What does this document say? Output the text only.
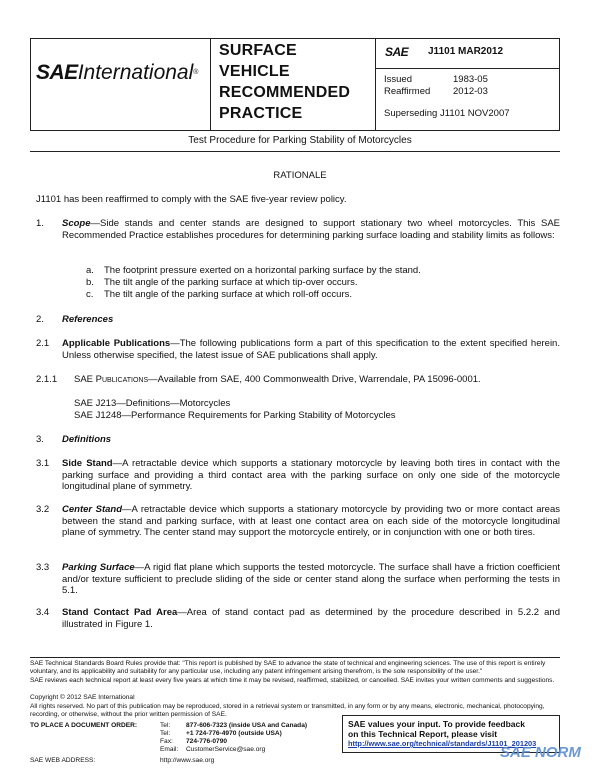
SAEInternational®
SURFACE
VEHICLE
RECOMMENDED
PRACTICE
SAE J1101 MAR2012
Issued	1983-05
Reaffirmed 2012-03
Superseding J1101 NOV2007
Test Procedure for Parking Stability of Motorcycles
RATIONALE
J1101 has been reaffirmed to comply with the SAE five-year review policy.
1. Scope—Side stands and center stands are designed to support stationary two wheel motorcycles. This SAE Recommended Practice establishes procedures for determining parking surface loading and stability limits as follows:
a. The footprint pressure exerted on a horizontal parking surface by the stand.
b. The tilt angle of the parking surface at which tip-over occurs.
c. The tilt angle of the parking surface at which roll-off occurs.
2. References
2.1 Applicable Publications—The following publications form a part of this specification to the extent specified herein. Unless otherwise specified, the latest issue of SAE publications shall apply.
2.1.1 SAE Publications—Available from SAE, 400 Commonwealth Drive, Warrendale, PA 15096-0001.
SAE J213—Definitions—Motorcycles
SAE J1248—Performance Requirements for Parking Stability of Motorcycles
3. Definitions
3.1 Side Stand—A retractable device which supports a stationary motorcycle by leaving both tires in contact with the parking surface and providing a third contact area with the parking surface on only one side of the motorcycle longitudinal plane of symmetry.
3.2 Center Stand—A retractable device which supports a stationary motorcycle by providing two or more contact areas between the stand and parking surface, with at least one contact area on each side of the motorcycle longitudinal plane of symmetry. The center stand may support the motorcycle entirely, or in conjunction with one or both tires.
3.3 Parking Surface—A rigid flat plane which supports the tested motorcycle. The surface shall have a friction coefficient and/or texture sufficient to preclude sliding of the side or center stand along the surface when performing the tests in 5.1.
3.4 Stand Contact Pad Area—Area of stand contact pad as determined by the procedure described in 5.2.2 and illustrated in Figure 1.
SAE Technical Standards Board Rules provide that: "This report is published by SAE to advance the state of technical and engineering sciences. The use of this report is entirely voluntary, and its applicability and suitability for any particular use, including any patent infringement arising therefrom, is the sole responsibility of the user."
SAE reviews each technical report at least every five years at which time it may be revised, reaffirmed, stabilized, or cancelled. SAE invites your written comments and suggestions.
Copyright © 2012 SAE International
All rights reserved. No part of this publication may be reproduced, stored in a retrieval system or transmitted, in any form or by any means, electronic, mechanical, photocopying, recording, or otherwise, without the prior written permission of SAE.
TO PLACE A DOCUMENT ORDER:	Tel: 877-606-7323 (inside USA and Canada)
Tel: +1 724-776-4970 (outside USA)
Fax: 724-776-0790
Email: CustomerService@sae.org
SAE WEB ADDRESS:	http://www.sae.org
SAE values your input. To provide feedback
on this Technical Report, please visit
http://www.sae.org/technical/standards/J1101_201203
SAE NORM
